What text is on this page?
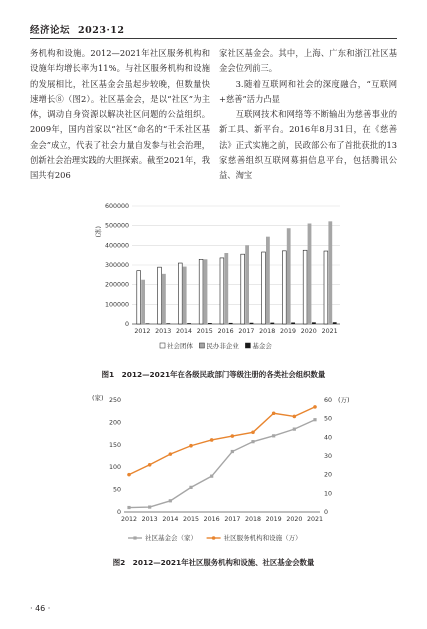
经济论坛 2023·12

务机构和设施。2012—2021年社区服务机构和设施年均增长率为11%。与社区服务机构和设施的发展相比，社区基金会虽起步较晚，但数量快速增长⑧（图2）。社区基金会，是以“社区”为主体，调动自身资源以解决社区问题的公益组织。2009年，国内首家以“社区”命名的“千禾社区基金会”成立，代表了社会力量自发参与社会治理，创新社会治理实践的大胆探索。截至2021年，我国共有206

家社区基金会。其中，上海、广东和浙江社区基金会位列前三。

3.随着互联网和社会的深度融合，“互联网+慈善”活力凸显

互联网技术和网络等不断输出为慈善事业的新工具、新平台。2016年8月31日，在《慈善法》正式实施之前，民政部公布了首批获批的13家慈善组织互联网募捐信息平台，包括腾讯公益、淘宝

0
100000
200000
300000
400000
500000
600000
(家)
2012 2013 2014 2015 2016 2017 2018 2019 2020 2021
社会团体 民办非企业 基金会
图1　2012—2021年在各级民政部门等级注册的各类社会组织数量
0
50
100
150
200
250
0
10
20
30
40
50
60
(家)	(万)
2012 2013 2014 2015 2016 2017 2018 2019 2020 2021
社区基金会（家）	社区服务机构和设施（万）
图2　2012—2021年社区服务机构和设施、社区基金会数量
· 46 ·
